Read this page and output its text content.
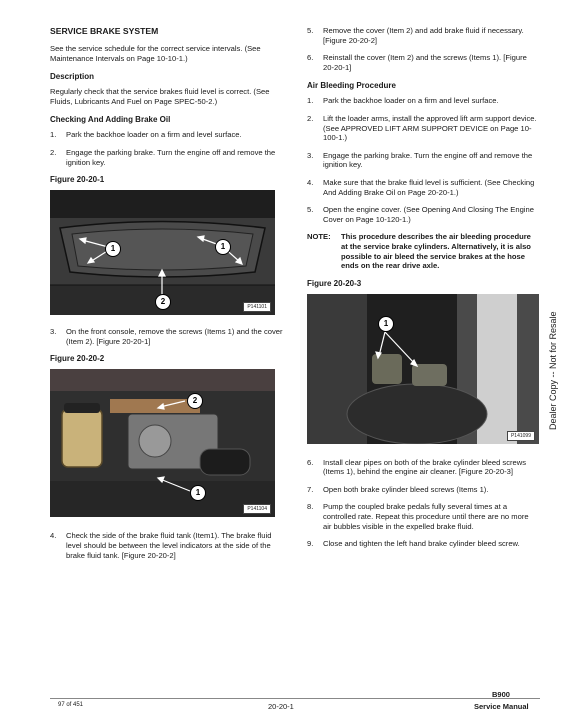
SERVICE BRAKE SYSTEM

See the service schedule for the correct service intervals. (See Maintenance Intervals on Page 10-10-1.)

Description

Regularly check that the service brakes fluid level is correct. (See Fluids, Lubricants And Fuel on Page SPEC-50-2.)

Checking And Adding Brake Oil
1.	Park the backhoe loader on a firm and level surface.
2.	Engage the parking brake. Turn the engine off and remove the ignition key.
Figure 20-20-1
1	1
2
P141101
3.	On the front console, remove the screws (Items 1) and the cover (Item 2). [Figure 20-20-1]
Figure 20-20-2
2
1
P141104
4.	Check the side of the brake fluid tank (Item1). The brake fluid level should be between the level indicators at the side of the brake fluid tank. [Figure 20-20-2]
5.	Remove the cover (Item 2) and add brake fluid if necessary. [Figure 20-20-2]
6.	Reinstall the cover (Item 2) and the screws (Items 1). [Figure 20-20-1]
Air Bleeding Procedure
1.	Park the backhoe loader on a firm and level surface.
2.	Lift the loader arms, install the approved lift arm support device. (See APPROVED LIFT ARM SUPPORT DEVICE on Page 10-100-1.)
3.	Engage the parking brake. Turn the engine off and remove the ignition key.
4.	Make sure that the brake fluid level is sufficient. (See Checking And Adding Brake Oil on Page 20-20-1.)
5.	Open the engine cover. (See Opening And Closing The Engine Cover on Page 10-120-1.)
NOTE:	This procedure describes the air bleeding procedure at the service brake cylinders. Alternatively, it is also possible to air bleed the service brakes at the hose ends on the rear drive axle.
Figure 20-20-3
1
P141099
6.	Install clear pipes on both of the brake cylinder bleed screws (Items 1), behind the engine air cleaner. [Figure 20-20-3]
7.	Open both brake cylinder bleed screws (Items 1).
8.	Pump the coupled brake pedals fully several times at a controlled rate. Repeat this procedure until there are no more air bubbles visible in the expelled brake fluid.
9.	Close and tighten the left hand brake cylinder bleed screw.
Dealer Copy -- Not for Resale
97 of 451	20-20-1
B900
Service Manual
